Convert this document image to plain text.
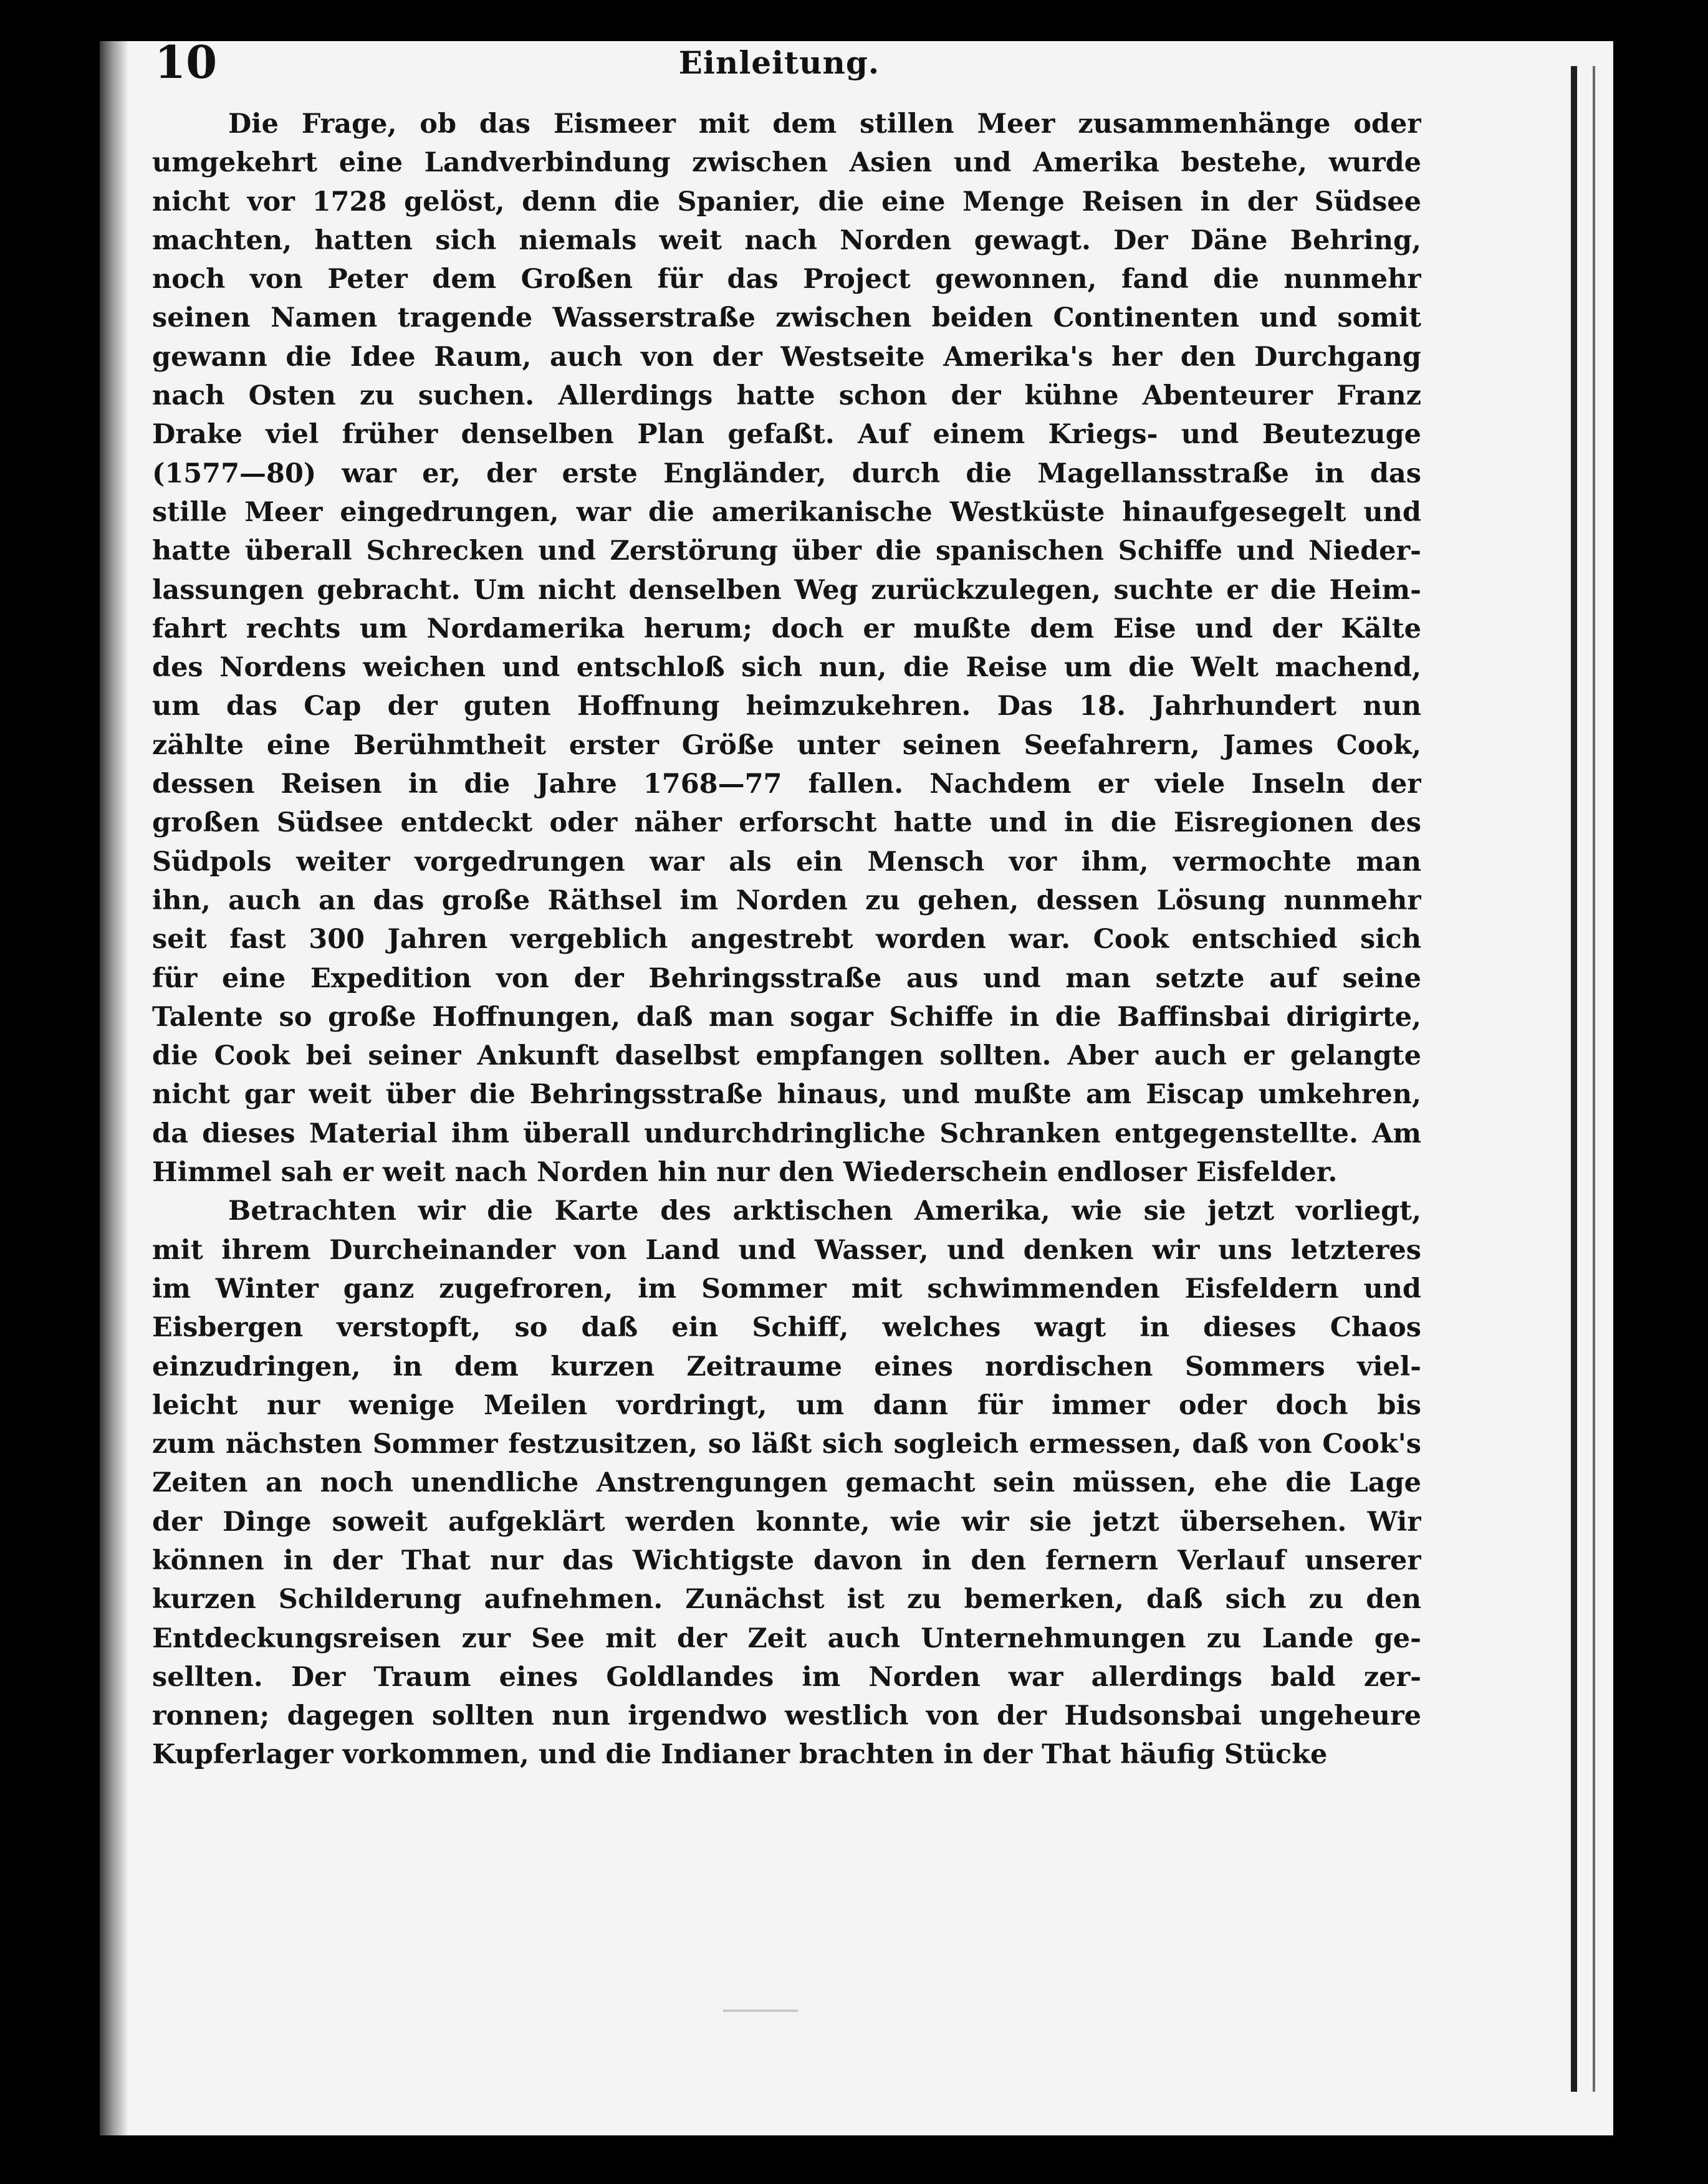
10	Einleitung.
Die Frage, ob das Eismeer mit dem stillen Meer zusammenhänge oder
umgekehrt eine Landverbindung zwischen Asien und Amerika bestehe, wurde
nicht vor 1728 gelöst, denn die Spanier, die eine Menge Reisen in der Südsee
machten, hatten sich niemals weit nach Norden gewagt. Der Däne Behring,
noch von Peter dem Großen für das Project gewonnen, fand die nunmehr
seinen Namen tragende Wasserstraße zwischen beiden Continenten und somit
gewann die Idee Raum, auch von der Westseite Amerika's her den Durchgang
nach Osten zu suchen. Allerdings hatte schon der kühne Abenteurer Franz
Drake viel früher denselben Plan gefaßt. Auf einem Kriegs- und Beutezuge
(1577—80) war er, der erste Engländer, durch die Magellansstraße in das
stille Meer eingedrungen, war die amerikanische Westküste hinaufgesegelt und
hatte überall Schrecken und Zerstörung über die spanischen Schiffe und Nieder-
lassungen gebracht. Um nicht denselben Weg zurückzulegen, suchte er die Heim-
fahrt rechts um Nordamerika herum; doch er mußte dem Eise und der Kälte
des Nordens weichen und entschloß sich nun, die Reise um die Welt machend,
um das Cap der guten Hoffnung heimzukehren. Das 18. Jahrhundert nun
zählte eine Berühmtheit erster Größe unter seinen Seefahrern, James Cook,
dessen Reisen in die Jahre 1768—77 fallen. Nachdem er viele Inseln der
großen Südsee entdeckt oder näher erforscht hatte und in die Eisregionen des
Südpols weiter vorgedrungen war als ein Mensch vor ihm, vermochte man
ihn, auch an das große Räthsel im Norden zu gehen, dessen Lösung nunmehr
seit fast 300 Jahren vergeblich angestrebt worden war. Cook entschied sich
für eine Expedition von der Behringsstraße aus und man setzte auf seine
Talente so große Hoffnungen, daß man sogar Schiffe in die Baffinsbai dirigirte,
die Cook bei seiner Ankunft daselbst empfangen sollten. Aber auch er gelangte
nicht gar weit über die Behringsstraße hinaus, und mußte am Eiscap umkehren,
da dieses Material ihm überall undurchdringliche Schranken entgegenstellte. Am
Himmel sah er weit nach Norden hin nur den Wiederschein endloser Eisfelder.
Betrachten wir die Karte des arktischen Amerika, wie sie jetzt vorliegt,
mit ihrem Durcheinander von Land und Wasser, und denken wir uns letzteres
im Winter ganz zugefroren, im Sommer mit schwimmenden Eisfeldern und
Eisbergen verstopft, so daß ein Schiff, welches wagt in dieses Chaos
einzudringen, in dem kurzen Zeitraume eines nordischen Sommers viel-
leicht nur wenige Meilen vordringt, um dann für immer oder doch bis
zum nächsten Sommer festzusitzen, so läßt sich sogleich ermessen, daß von Cook's
Zeiten an noch unendliche Anstrengungen gemacht sein müssen, ehe die Lage
der Dinge soweit aufgeklärt werden konnte, wie wir sie jetzt übersehen. Wir
können in der That nur das Wichtigste davon in den fernern Verlauf unserer
kurzen Schilderung aufnehmen. Zunächst ist zu bemerken, daß sich zu den
Entdeckungsreisen zur See mit der Zeit auch Unternehmungen zu Lande ge-
sellten. Der Traum eines Goldlandes im Norden war allerdings bald zer-
ronnen; dagegen sollten nun irgendwo westlich von der Hudsonsbai ungeheure
Kupferlager vorkommen, und die Indianer brachten in der That häufig Stücke
